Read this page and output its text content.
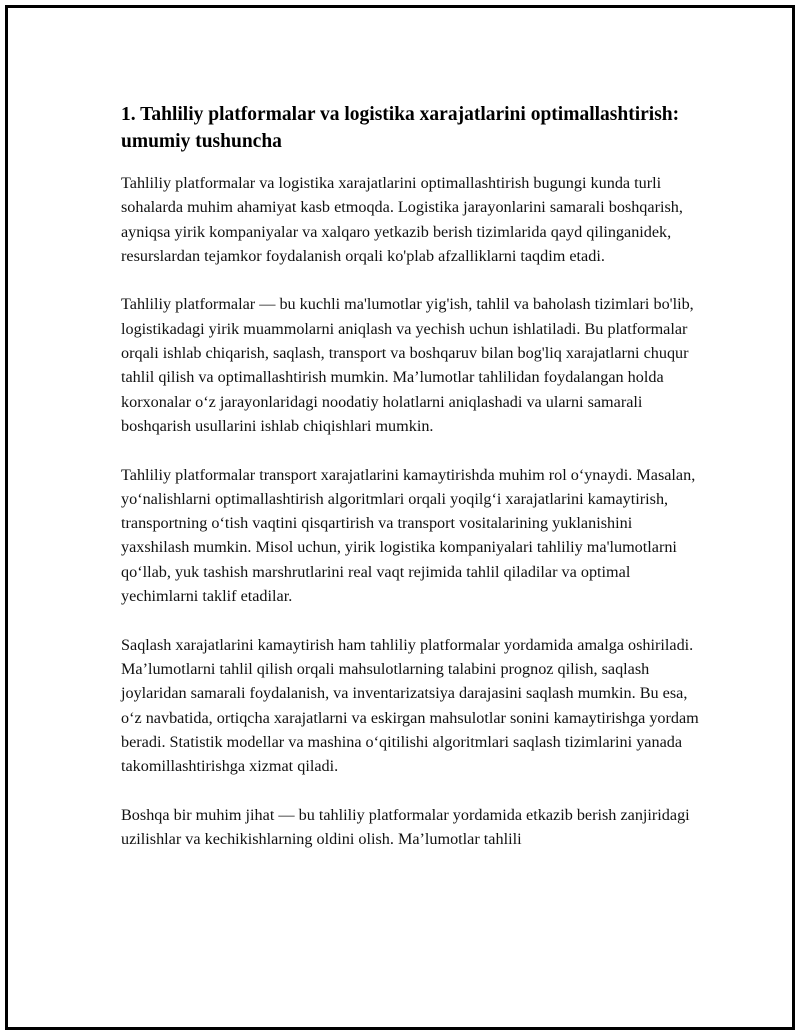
1. Tahliliy platformalar va logistika xarajatlarini optimallashtirish: umumiy tushuncha

Tahliliy platformalar va logistika xarajatlarini optimallashtirish bugungi kunda turli sohalarda muhim ahamiyat kasb etmoqda. Logistika jarayonlarini samarali boshqarish, ayniqsa yirik kompaniyalar va xalqaro yetkazib berish tizimlarida qayd qilinganidek, resurslardan tejamkor foydalanish orqali ko'plab afzalliklarni taqdim etadi.

Tahliliy platformalar — bu kuchli ma'lumotlar yig'ish, tahlil va baholash tizimlari bo'lib, logistikadagi yirik muammolarni aniqlash va yechish uchun ishlatiladi. Bu platformalar orqali ishlab chiqarish, saqlash, transport va boshqaruv bilan bog'liq xarajatlarni chuqur tahlil qilish va optimallashtirish mumkin. Ma’lumotlar tahlilidan foydalangan holda korxonalar o‘z jarayonlaridagi noodatiy holatlarni aniqlashadi va ularni samarali boshqarish usullarini ishlab chiqishlari mumkin.

Tahliliy platformalar transport xarajatlarini kamaytirishda muhim rol o‘ynaydi. Masalan, yo‘nalishlarni optimallashtirish algoritmlari orqali yoqilg‘i xarajatlarini kamaytirish, transportning o‘tish vaqtini qisqartirish va transport vositalarining yuklanishini yaxshilash mumkin. Misol uchun, yirik logistika kompaniyalari tahliliy ma'lumotlarni qo‘llab, yuk tashish marshrutlarini real vaqt rejimida tahlil qiladilar va optimal yechimlarni taklif etadilar.

Saqlash xarajatlarini kamaytirish ham tahliliy platformalar yordamida amalga oshiriladi. Ma’lumotlarni tahlil qilish orqali mahsulotlarning talabini prognoz qilish, saqlash joylaridan samarali foydalanish, va inventarizatsiya darajasini saqlash mumkin. Bu esa, o‘z navbatida, ortiqcha xarajatlarni va eskirgan mahsulotlar sonini kamaytirishga yordam beradi. Statistik modellar va mashina o‘qitilishi algoritmlari saqlash tizimlarini yanada takomillashtirishga xizmat qiladi.

Boshqa bir muhim jihat — bu tahliliy platformalar yordamida etkazib berish zanjiridagi uzilishlar va kechikishlarning oldini olish. Ma’lumotlar tahlili
